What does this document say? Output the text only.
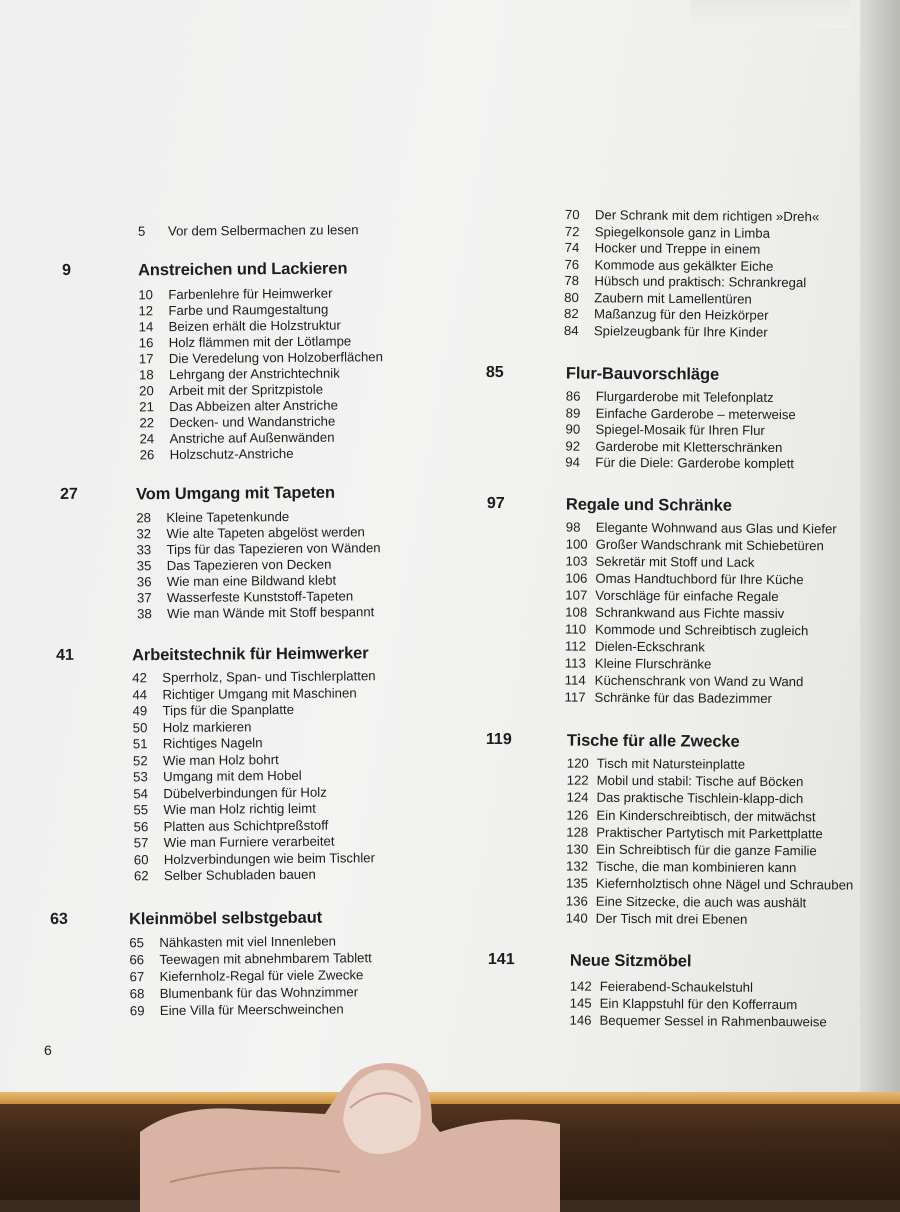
5 Vor dem Selbermachen zu lesen
9	Anstreichen und Lackieren
10 Farbenlehre für Heimwerker
12 Farbe und Raumgestaltung
14 Beizen erhält die Holzstruktur
16 Holz flämmen mit der Lötlampe
17 Die Veredelung von Holzoberflächen
18 Lehrgang der Anstrichtechnik
20 Arbeit mit der Spritzpistole
21 Das Abbeizen alter Anstriche
22 Decken- und Wandanstriche
24 Anstriche auf Außenwänden
26 Holzschutz-Anstriche
27	Vom Umgang mit Tapeten
28 Kleine Tapetenkunde
32 Wie alte Tapeten abgelöst werden
33 Tips für das Tapezieren von Wänden
35 Das Tapezieren von Decken
36 Wie man eine Bildwand klebt
37 Wasserfeste Kunststoff-Tapeten
38 Wie man Wände mit Stoff bespannt
41	Arbeitstechnik für Heimwerker
42 Sperrholz, Span- und Tischlerplatten
44 Richtiger Umgang mit Maschinen
49 Tips für die Spanplatte
50 Holz markieren
51 Richtiges Nageln
52 Wie man Holz bohrt
53 Umgang mit dem Hobel
54 Dübelverbindungen für Holz
55 Wie man Holz richtig leimt
56 Platten aus Schichtpreßstoff
57 Wie man Furniere verarbeitet
60 Holzverbindungen wie beim Tischler
62 Selber Schubladen bauen
63	Kleinmöbel selbstgebaut
65 Nähkasten mit viel Innenleben
66 Teewagen mit abnehmbarem Tablett
67 Kiefernholz-Regal für viele Zwecke
68 Blumenbank für das Wohnzimmer
69 Eine Villa für Meerschweinchen
6
70 Der Schrank mit dem richtigen »Dreh«
72 Spiegelkonsole ganz in Limba
74 Hocker und Treppe in einem
76 Kommode aus gekälkter Eiche
78 Hübsch und praktisch: Schrankregal
80 Zaubern mit Lamellentüren
82 Maßanzug für den Heizkörper
84 Spielzeugbank für Ihre Kinder
85	Flur-Bauvorschläge
86 Flurgarderobe mit Telefonplatz
89 Einfache Garderobe – meterweise
90 Spiegel-Mosaik für Ihren Flur
92 Garderobe mit Kletterschränken
94 Für die Diele: Garderobe komplett
97	Regale und Schränke
98 Elegante Wohnwand aus Glas und Kiefer
100 Großer Wandschrank mit Schiebetüren
103 Sekretär mit Stoff und Lack
106 Omas Handtuchbord für Ihre Küche
107 Vorschläge für einfache Regale
108 Schrankwand aus Fichte massiv
110 Kommode und Schreibtisch zugleich
112 Dielen-Eckschrank
113 Kleine Flurschränke
114 Küchenschrank von Wand zu Wand
117 Schränke für das Badezimmer
119	Tische für alle Zwecke
120 Tisch mit Natursteinplatte
122 Mobil und stabil: Tische auf Böcken
124 Das praktische Tischlein-klapp-dich
126 Ein Kinderschreibtisch, der mitwächst
128 Praktischer Partytisch mit Parkettplatte
130 Ein Schreibtisch für die ganze Familie
132 Tische, die man kombinieren kann
135 Kiefernholztisch ohne Nägel und Schrauben
136 Eine Sitzecke, die auch was aushält
140 Der Tisch mit drei Ebenen
141	Neue Sitzmöbel
142 Feierabend-Schaukelstuhl
145 Ein Klappstuhl für den Kofferraum
146 Bequemer Sessel in Rahmenbauweise
